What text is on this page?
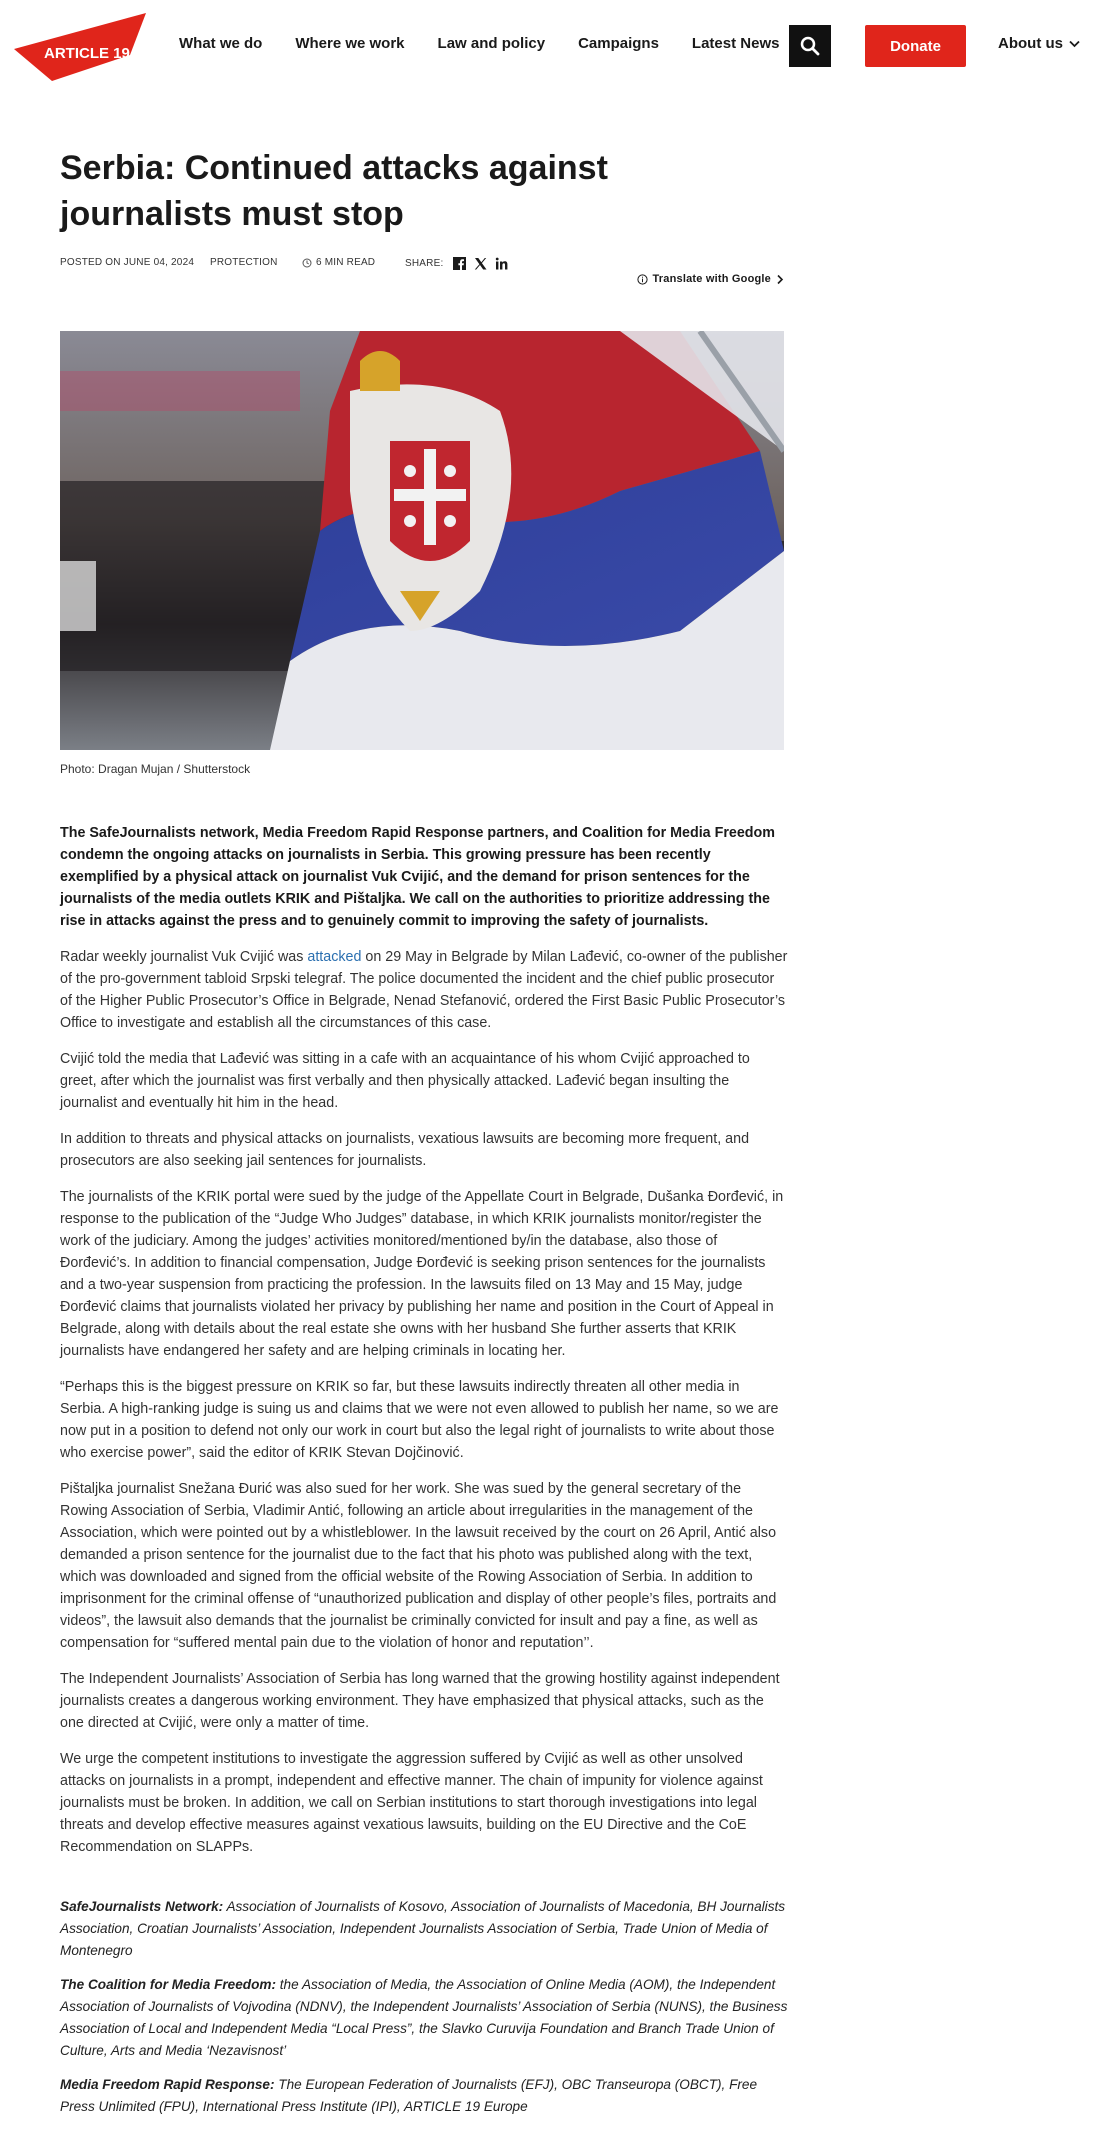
ARTICLE 19
What we do Where we work Law and policy Campaigns Latest News	Donate	About us
Serbia: Continued attacks against journalists must stop
POSTED ON JUNE 04, 2024 PROTECTION	6 MIN READ	SHARE:
Translate with Google
Photo: Dragan Mujan / Shutterstock

The SafeJournalists network, Media Freedom Rapid Response partners, and Coalition for Media Freedom condemn the ongoing attacks on journalists in Serbia. This growing pressure has been recently exemplified by a physical attack on journalist Vuk Cvijić, and the demand for prison sentences for the journalists of the media outlets KRIK and Pištaljka. We call on the authorities to prioritize addressing the rise in attacks against the press and to genuinely commit to improving the safety of journalists.

Radar weekly journalist Vuk Cvijić was attacked on 29 May in Belgrade by Milan Lađević, co-owner of the publisher of the pro-government tabloid Srpski telegraf. The police documented the incident and the chief public prosecutor of the Higher Public Prosecutor’s Office in Belgrade, Nenad Stefanović, ordered the First Basic Public Prosecutor’s Office to investigate and establish all the circumstances of this case.

Cvijić told the media that Lađević was sitting in a cafe with an acquaintance of his whom Cvijić approached to greet, after which the journalist was first verbally and then physically attacked. Lađević began insulting the journalist and eventually hit him in the head.

In addition to threats and physical attacks on journalists, vexatious lawsuits are becoming more frequent, and prosecutors are also seeking jail sentences for journalists.

The journalists of the KRIK portal were sued by the judge of the Appellate Court in Belgrade, Dušanka Đorđević, in response to the publication of the “Judge Who Judges” database, in which KRIK journalists monitor/register the work of the judiciary. Among the judges’ activities monitored/mentioned by/in the database, also those of Đorđević’s. In addition to financial compensation, Judge Đorđević is seeking prison sentences for the journalists and a two-year suspension from practicing the profession. In the lawsuits filed on 13 May and 15 May, judge Đorđević claims that journalists violated her privacy by publishing her name and position in the Court of Appeal in Belgrade, along with details about the real estate she owns with her husband She further asserts that KRIK journalists have endangered her safety and are helping criminals in locating her.

“Perhaps this is the biggest pressure on KRIK so far, but these lawsuits indirectly threaten all other media in Serbia. A high-ranking judge is suing us and claims that we were not even allowed to publish her name, so we are now put in a position to defend not only our work in court but also the legal right of journalists to write about those who exercise power”, said the editor of KRIK Stevan Dojčinović.

Pištaljka journalist Snežana Đurić was also sued for her work. She was sued by the general secretary of the Rowing Association of Serbia, Vladimir Antić, following an article about irregularities in the management of the Association, which were pointed out by a whistleblower. In the lawsuit received by the court on 26 April, Antić also demanded a prison sentence for the journalist due to the fact that his photo was published along with the text, which was downloaded and signed from the official website of the Rowing Association of Serbia. In addition to imprisonment for the criminal offense of “unauthorized publication and display of other people’s files, portraits and videos”, the lawsuit also demands that the journalist be criminally convicted for insult and pay a fine, as well as compensation for “suffered mental pain due to the violation of honor and reputation’’.

The Independent Journalists’ Association of Serbia has long warned that the growing hostility against independent journalists creates a dangerous working environment. They have emphasized that physical attacks, such as the one directed at Cvijić, were only a matter of time.

We urge the competent institutions to investigate the aggression suffered by Cvijić as well as other unsolved attacks on journalists in a prompt, independent and effective manner. The chain of impunity for violence against journalists must be broken. In addition, we call on Serbian institutions to start thorough investigations into legal threats and develop effective measures against vexatious lawsuits, building on the EU Directive and the CoE Recommendation on SLAPPs.

SafeJournalists Network: Association of Journalists of Kosovo, Association of Journalists of Macedonia, BH Journalists Association, Croatian Journalists’ Association, Independent Journalists Association of Serbia, Trade Union of Media of Montenegro

The Coalition for Media Freedom: the Association of Media, the Association of Online Media (AOM), the Independent Association of Journalists of Vojvodina (NDNV), the Independent Journalists’ Association of Serbia (NUNS), the Business Association of Local and Independent Media “Local Press”, the Slavko Curuvija Foundation and Branch Trade Union of Culture, Arts and Media ‘Nezavisnost’

Media Freedom Rapid Response: The European Federation of Journalists (EFJ), OBC Transeuropa (OBCT), Free Press Unlimited (FPU), International Press Institute (IPI), ARTICLE 19 Europe
